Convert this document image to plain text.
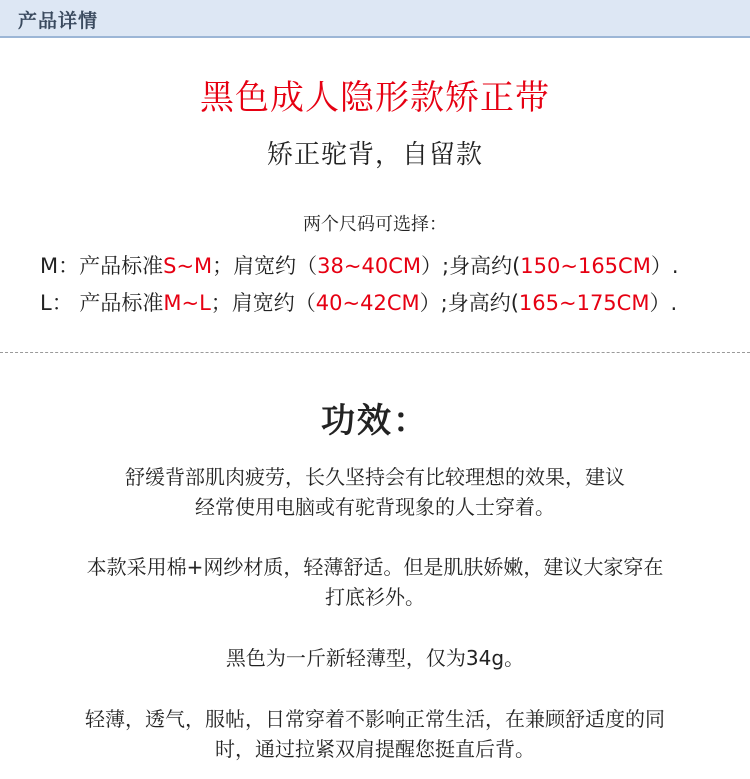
产品详情
黑色成人隐形款矫正带
矫正驼背，自留款
两个尺码可选择：
M：产品标准S~M；肩宽约（38~40CM）;身高约(150~165CM）.
L： 产品标准M~L；肩宽约（40~42CM）;身高约(165~175CM）.
功效：
舒缓背部肌肉疲劳，长久坚持会有比较理想的效果，建议
经常使用电脑或有驼背现象的人士穿着。
本款采用棉+网纱材质，轻薄舒适。但是肌肤娇嫩，建议大家穿在
打底衫外。
黑色为一斤新轻薄型，仅为34g。
轻薄，透气，服帖，日常穿着不影响正常生活，在兼顾舒适度的同
时，通过拉紧双肩提醒您挺直后背。
